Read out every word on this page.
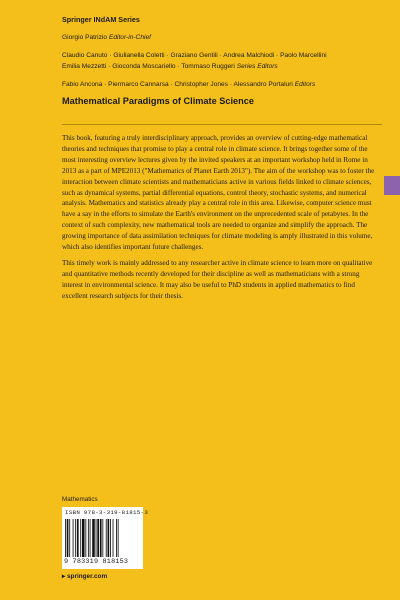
Springer INdAM Series
Giorgio Patrizio Editor-in-Chief
Claudio Canuto · Giulianella Coletti · Graziano Gentili · Andrea Malchiodi · Paolo Marcellini
Emilia Mezzetti · Gioconda Moscariello · Tommaso Ruggeri Series Editors
Fabio Ancona · Piermarco Cannarsa · Christopher Jones · Alessandro Portaluri Editors
Mathematical Paradigms of Climate Science

This book, featuring a truly interdisciplinary approach, provides an overview of cutting-edge mathematical theories and techniques that promise to play a central role in climate science. It brings together some of the most interesting overview lectures given by the invited speakers at an important workshop held in Rome in 2013 as a part of MPE2013 ("Mathematics of Planet Earth 2013"). The aim of the workshop was to foster the interaction between climate scientists and mathematicians active in various fields linked to climate sciences, such as dynamical systems, partial differential equations, control theory, stochastic systems, and numerical analysis. Mathematics and statistics already play a central role in this area. Likewise, computer science must have a say in the efforts to simulate the Earth's environment on the unprecedented scale of petabytes. In the context of such complexity, new mathematical tools are needed to organize and simplify the approach. The growing importance of data assimilation techniques for climate modeling is amply illustrated in this volume, which also identifies important future challenges.

This timely work is mainly addressed to any researcher active in climate science to learn more on qualitative and quantitative methods recently developed for their discipline as well as mathematicians with a strong interest in environmental science. It may also be useful to PhD students in applied mathematics to find excellent research subjects for their thesis.

Mathematics
ISBN 978-3-319-81815-3
9 783319 818153
▸ springer.com
